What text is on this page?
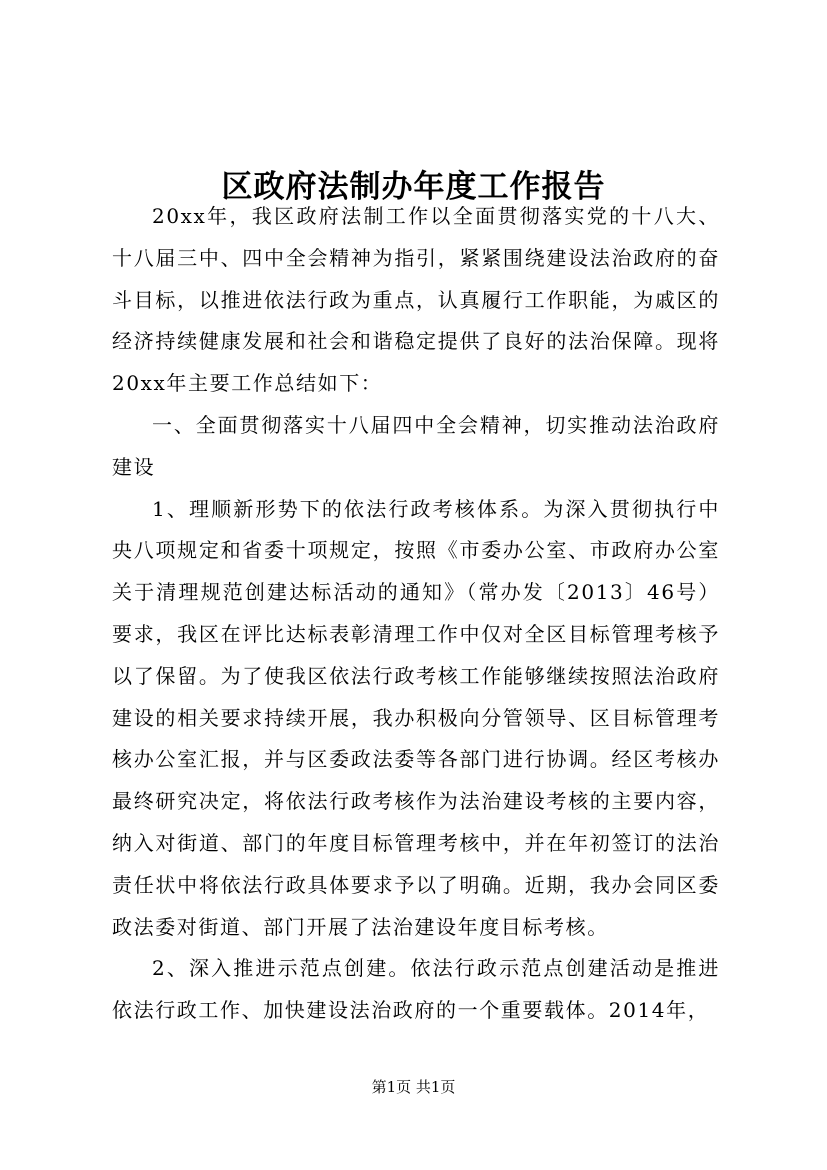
区政府法制办年度工作报告

20xx年，我区政府法制工作以全面贯彻落实党的十八大、十八届三中、四中全会精神为指引，紧紧围绕建设法治政府的奋斗目标，以推进依法行政为重点，认真履行工作职能，为戚区的经济持续健康发展和社会和谐稳定提供了良好的法治保障。现将20xx年主要工作总结如下：

一、全面贯彻落实十八届四中全会精神，切实推动法治政府建设

1、理顺新形势下的依法行政考核体系。为深入贯彻执行中央八项规定和省委十项规定，按照《市委办公室、市政府办公室关于清理规范创建达标活动的通知》（常办发〔2013〕46号）要求，我区在评比达标表彰清理工作中仅对全区目标管理考核予以了保留。为了使我区依法行政考核工作能够继续按照法治政府建设的相关要求持续开展，我办积极向分管领导、区目标管理考核办公室汇报，并与区委政法委等各部门进行协调。经区考核办最终研究决定，将依法行政考核作为法治建设考核的主要内容，纳入对街道、部门的年度目标管理考核中，并在年初签订的法治责任状中将依法行政具体要求予以了明确。近期，我办会同区委政法委对街道、部门开展了法治建设年度目标考核。

2、深入推进示范点创建。依法行政示范点创建活动是推进依法行政工作、加快建设法治政府的一个重要载体。2014年，

第1页 共1页
